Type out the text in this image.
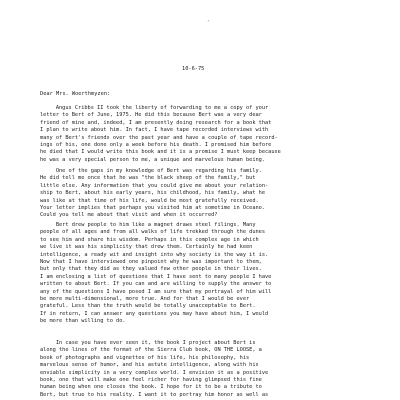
,
10-6-75
Dear Mrs. Woerthmyzen:
Angus Cribbs II took the liberty of forwarding to me a copy of your
letter to Bert of June, 1975. He did this because Bert was a very dear
friend of mine and, indeed, I am presently doing research for a book that
I plan to write about him. In fact, I have tape recorded interviews with
many of Bert's friends over the past year and have a couple of tape record-
ings of his, one done only a week before his death. I promised him before
he died that I would write this book and it is a promise I must keep because
he was a very special person to me, a unique and marvelous human being.
One of the gaps in my knowledge of Bert was regarding his family.
He did tell me once that he was "the black sheep of the family," but
little else. Any information that you could give me about your relation-
ship to Bert, about his early years, his childhood, his family, what he
was like at that time of his life, would be most gratefully received.
Your letter implies that perhaps you visited him at sometime in Oceano.
Could you tell me about that visit and when it occurred?
Bert drew people to him like a magnet draws steel filings. Many
people of all ages and from all walks of life trekked through the dunes
to see him and share his wisdom. Perhaps in this complex age in which
we live it was his simplicity that drew them. Certainly he had keen
intelligence, a ready wit and insight into why society is the way it is.
Now that I have interviewed one pinpoint why he was important to them,
but only that they did as they valued few other people in their lives.
I am enclosing a list of questions that I have sent to many people I have
written to about Bert. If you can and are willing to supply the answer to
any of the questions I have posed I am sure that my portrayal of him will
be more multi-dimensional, more true. And for that I would be ever
grateful. Less than the truth would be totally unacceptable to Bert.
If in return, I can answer any questions you may have about him, I would
be more than willing to do.
In case you have ever seen it, the book I project about Bert is
along the lines of the format of the Sierra Club book, ON THE LOOSE, a
book of photographs and vignettes of his life, his philosophy, his
marvelous sense of humor, and his astute intelligence, along with his
enviable simplicity in a very complex world. I envision it as a positive
book, one that will make one feel richer for having glimpsed this fine
human being when one closes the book. I hope for it to be a tribute to
Bert, but true to his reality. I want it to portray him honor as well as
